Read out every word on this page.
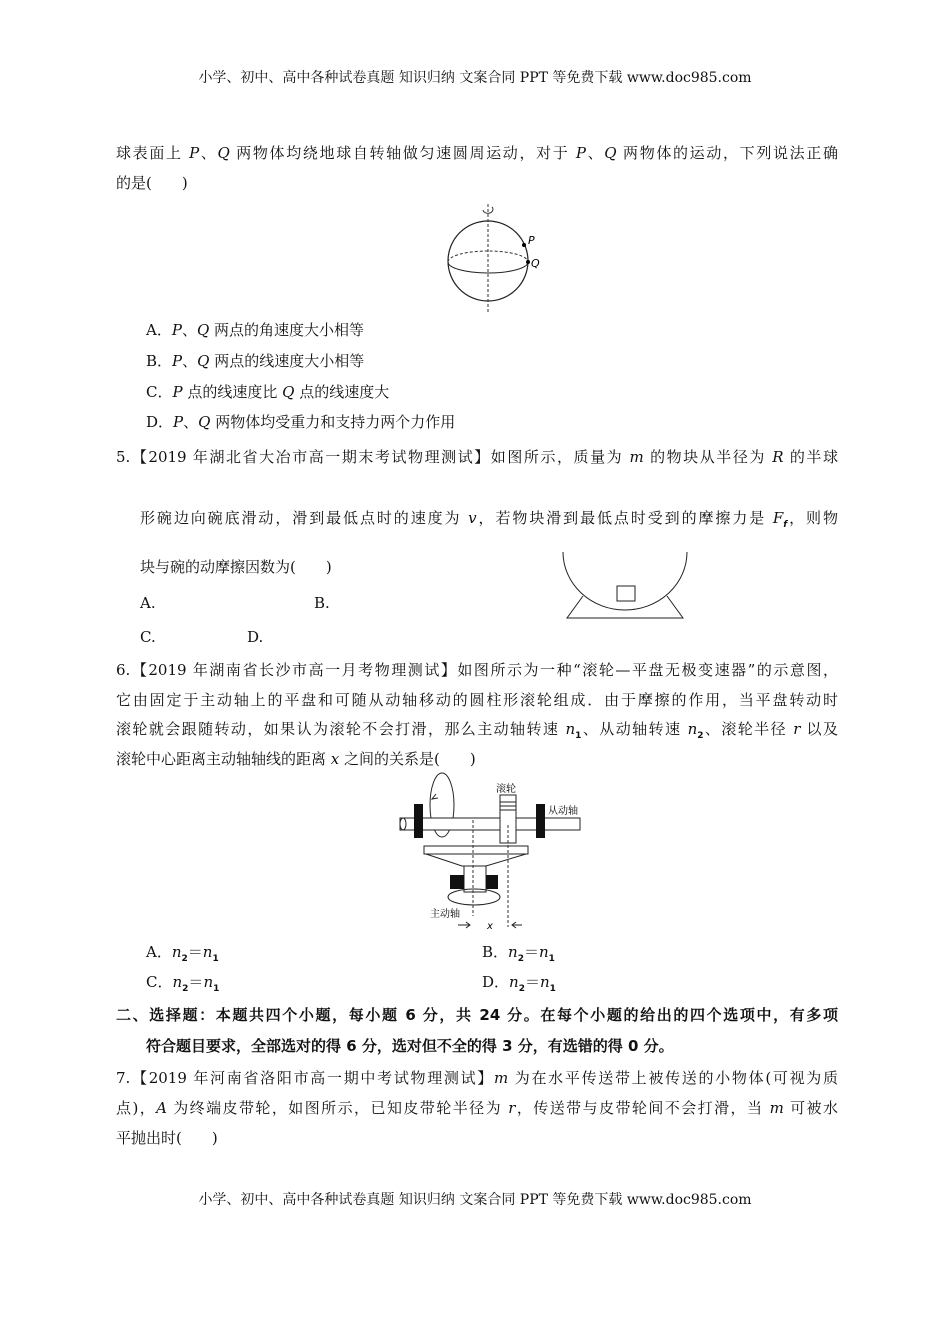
小学、初中、高中各种试卷真题 知识归纳 文案合同 PPT 等免费下载 www.doc985.com
球表面上 P、Q 两物体均绕地球自转轴做匀速圆周运动，对于 P、Q 两物体的运动，下列说法正确
的是(　　)
P
Q
A．P、Q 两点的角速度大小相等
B．P、Q 两点的线速度大小相等
C．P 点的线速度比 Q 点的线速度大
D．P、Q 两物体均受重力和支持力两个力作用
5.【2019 年湖北省大冶市高一期末考试物理测试】如图所示，质量为 m 的物块从半径为 R 的半球
形碗边向碗底滑动，滑到最低点时的速度为 v，若物块滑到最低点时受到的摩擦力是 $F_f$，则物
块与碗的动摩擦因数为(　　)
A.	B.
C.	D.
6.【2019 年湖南省长沙市高一月考物理测试】如图所示为一种“滚轮—平盘无极变速器”的示意图，
它由固定于主动轴上的平盘和可随从动轴移动的圆柱形滚轮组成．由于摩擦的作用，当平盘转动时
滚轮就会跟随转动，如果认为滚轮不会打滑，那么主动轴转速 $n_1$、从动轴转速 $n_2$、滚轮半径 r 以及
滚轮中心距离主动轴轴线的距离 x 之间的关系是(　　)
滚轮
从动轴
主动轴
x
A．$n_2=n_1$	B．$n_2=n_1$
C．$n_2=n_1$	D．$n_2=n_1$
二、选择题：本题共四个小题，每小题 6 分，共 24 分。在每个小题的给出的四个选项中，有多项
符合题目要求，全部选对的得 6 分，选对但不全的得 3 分，有选错的得 0 分。
7.【2019 年河南省洛阳市高一期中考试物理测试】m 为在水平传送带上被传送的小物体(可视为质
点)，A 为终端皮带轮，如图所示，已知皮带轮半径为 r，传送带与皮带轮间不会打滑，当 m 可被水
平抛出时(　　)
小学、初中、高中各种试卷真题 知识归纳 文案合同 PPT 等免费下载 www.doc985.com
